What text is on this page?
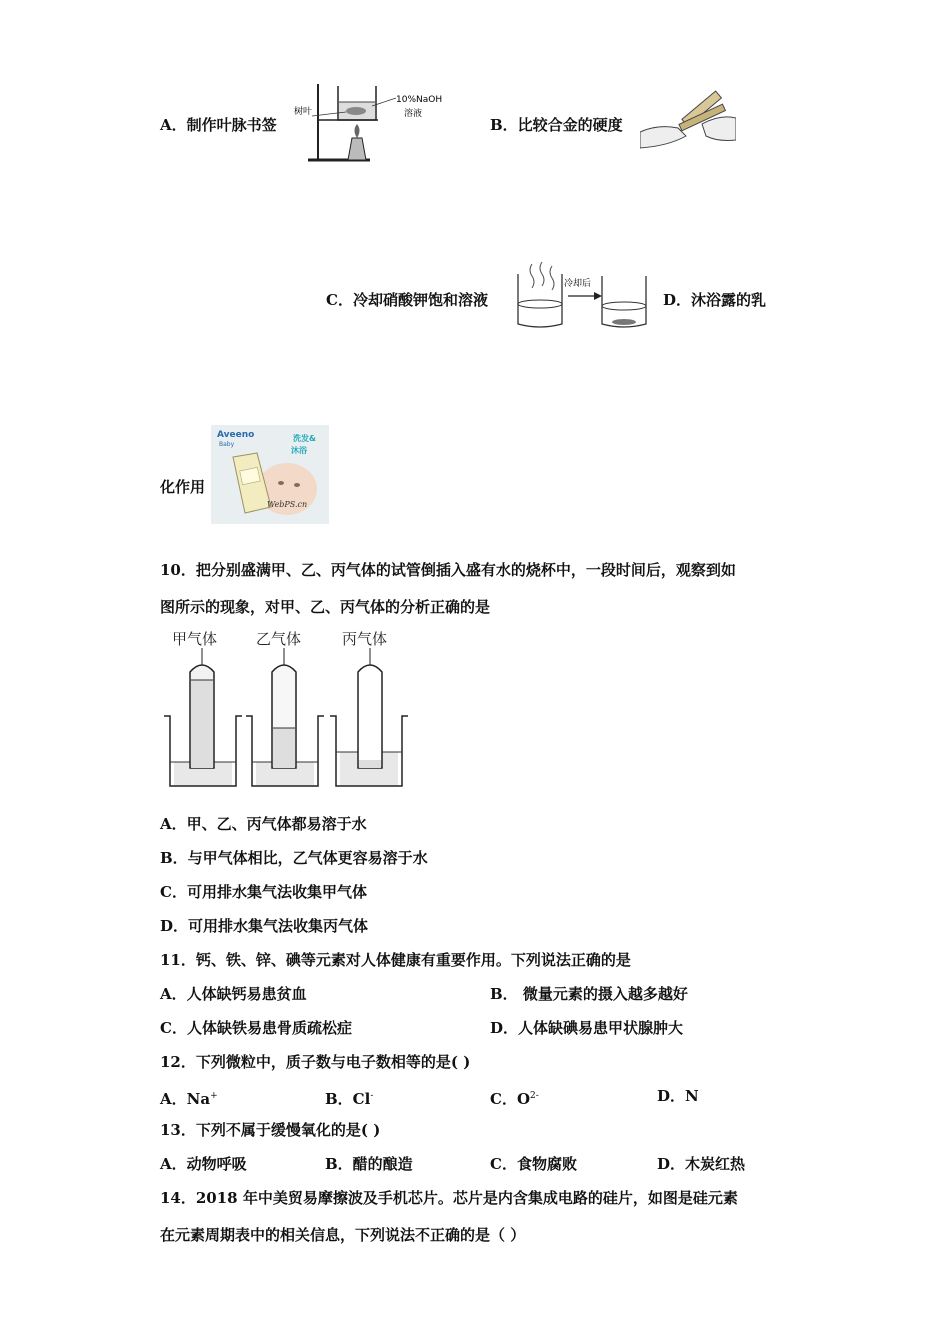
A．制作叶脉书签
树叶
10%NaOH
溶液
B．比较合金的硬度
C．冷却硝酸钾饱和溶液
冷却后
D．沐浴露的乳
化作用
Aveeno
Baby
洗发&
沐浴
WebPS.cn
10．把分别盛满甲、乙、丙气体的试管倒插入盛有水的烧杯中，一段时间后，观察到如
图所示的现象，对甲、乙、丙气体的分析正确的是
甲气体	乙气体	丙气体
A．甲、乙、丙气体都易溶于水
B．与甲气体相比，乙气体更容易溶于水
C．可用排水集气法收集甲气体
D．可用排水集气法收集丙气体
11．钙、铁、锌、碘等元素对人体健康有重要作用。下列说法正确的是
A．人体缺钙易患贫血	B． 微量元素的摄入越多越好
C．人体缺铁易患骨质疏松症	D．人体缺碘易患甲状腺肿大
12．下列微粒中，质子数与电子数相等的是( )
A．Na+	B．Cl-	C．$O^{2-}$	D．N
13．下列不属于缓慢氧化的是( )
A．动物呼吸	B．醋的酿造	C．食物腐败	D．木炭红热
14．2018 年中美贸易摩擦波及手机芯片。芯片是内含集成电路的硅片，如图是硅元素
在元素周期表中的相关信息，下列说法不正确的是（ ）
